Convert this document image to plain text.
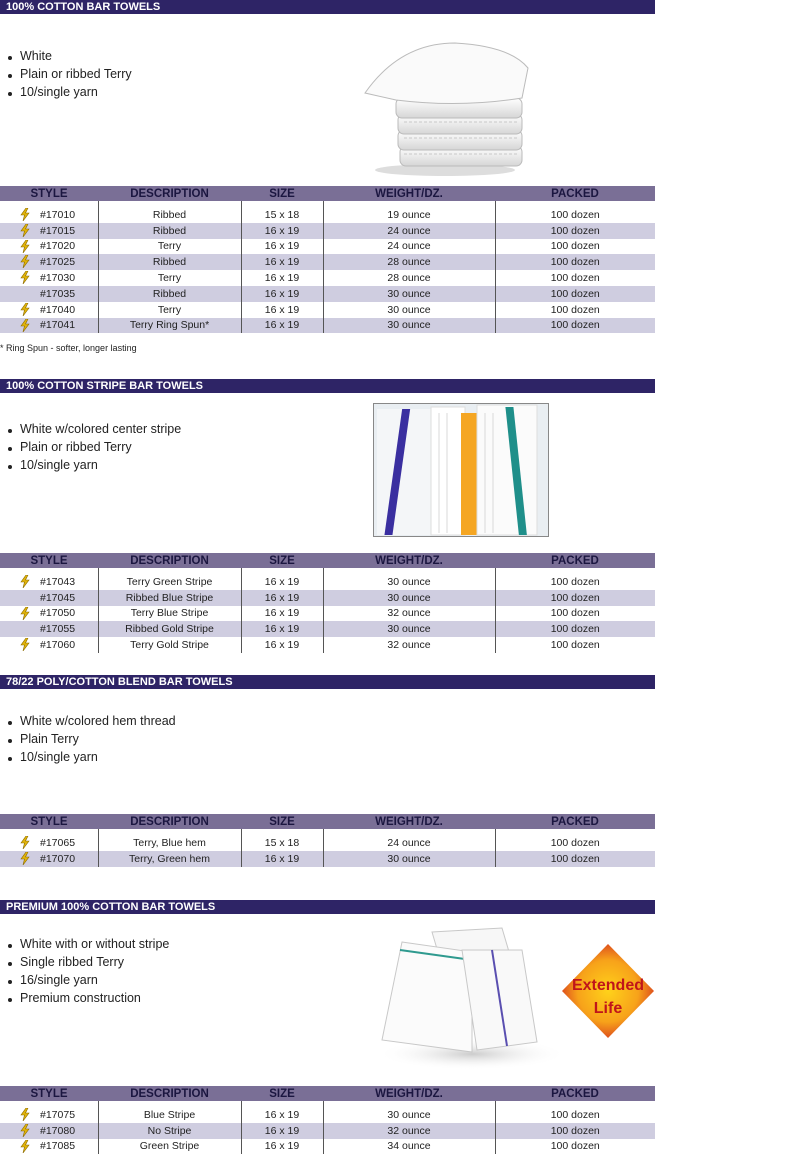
100% COTTON BAR TOWELS
White
Plain or ribbed Terry
10/single yarn
STYLE	DESCRIPTION	SIZE	WEIGHT/DZ.	PACKED

#17010	Ribbed	15 x 18	19 ounce	100 dozen

#17015	Ribbed	16 x 19	24 ounce	100 dozen

#17020	Terry	16 x 19	24 ounce	100 dozen

#17025	Ribbed	16 x 19	28 ounce	100 dozen

#17030	Terry	16 x 19	28 ounce	100 dozen
#17035	Ribbed	16 x 19	30 ounce	100 dozen

#17040	Terry	16 x 19	30 ounce	100 dozen

#17041	Terry Ring Spun*	16 x 19	30 ounce	100 dozen
* Ring Spun - softer, longer lasting
100% COTTON STRIPE BAR TOWELS
White w/colored center stripe
Plain or ribbed Terry
10/single yarn
STYLE	DESCRIPTION	SIZE	WEIGHT/DZ.	PACKED

#17043	Terry Green Stripe	16 x 19	30 ounce	100 dozen
#17045	Ribbed Blue Stripe	16 x 19	30 ounce	100 dozen

#17050	Terry Blue Stripe	16 x 19	32 ounce	100 dozen
#17055	Ribbed Gold Stripe	16 x 19	30 ounce	100 dozen

#17060	Terry Gold Stripe	16 x 19	32 ounce	100 dozen
78/22 POLY/COTTON BLEND BAR TOWELS
White w/colored hem thread
Plain Terry
10/single yarn
STYLE	DESCRIPTION	SIZE	WEIGHT/DZ.	PACKED

#17065	Terry, Blue hem	15 x 18	24 ounce	100 dozen

#17070	Terry, Green hem	16 x 19	30 ounce	100 dozen
PREMIUM 100% COTTON BAR TOWELS
White with or without stripe
Single ribbed Terry
16/single yarn
Premium construction
Extended
Life
STYLE	DESCRIPTION	SIZE	WEIGHT/DZ.	PACKED

#17075	Blue Stripe	16 x 19	30 ounce	100 dozen

#17080	No Stripe	16 x 19	32 ounce	100 dozen

#17085	Green Stripe	16 x 19	34 ounce	100 dozen
